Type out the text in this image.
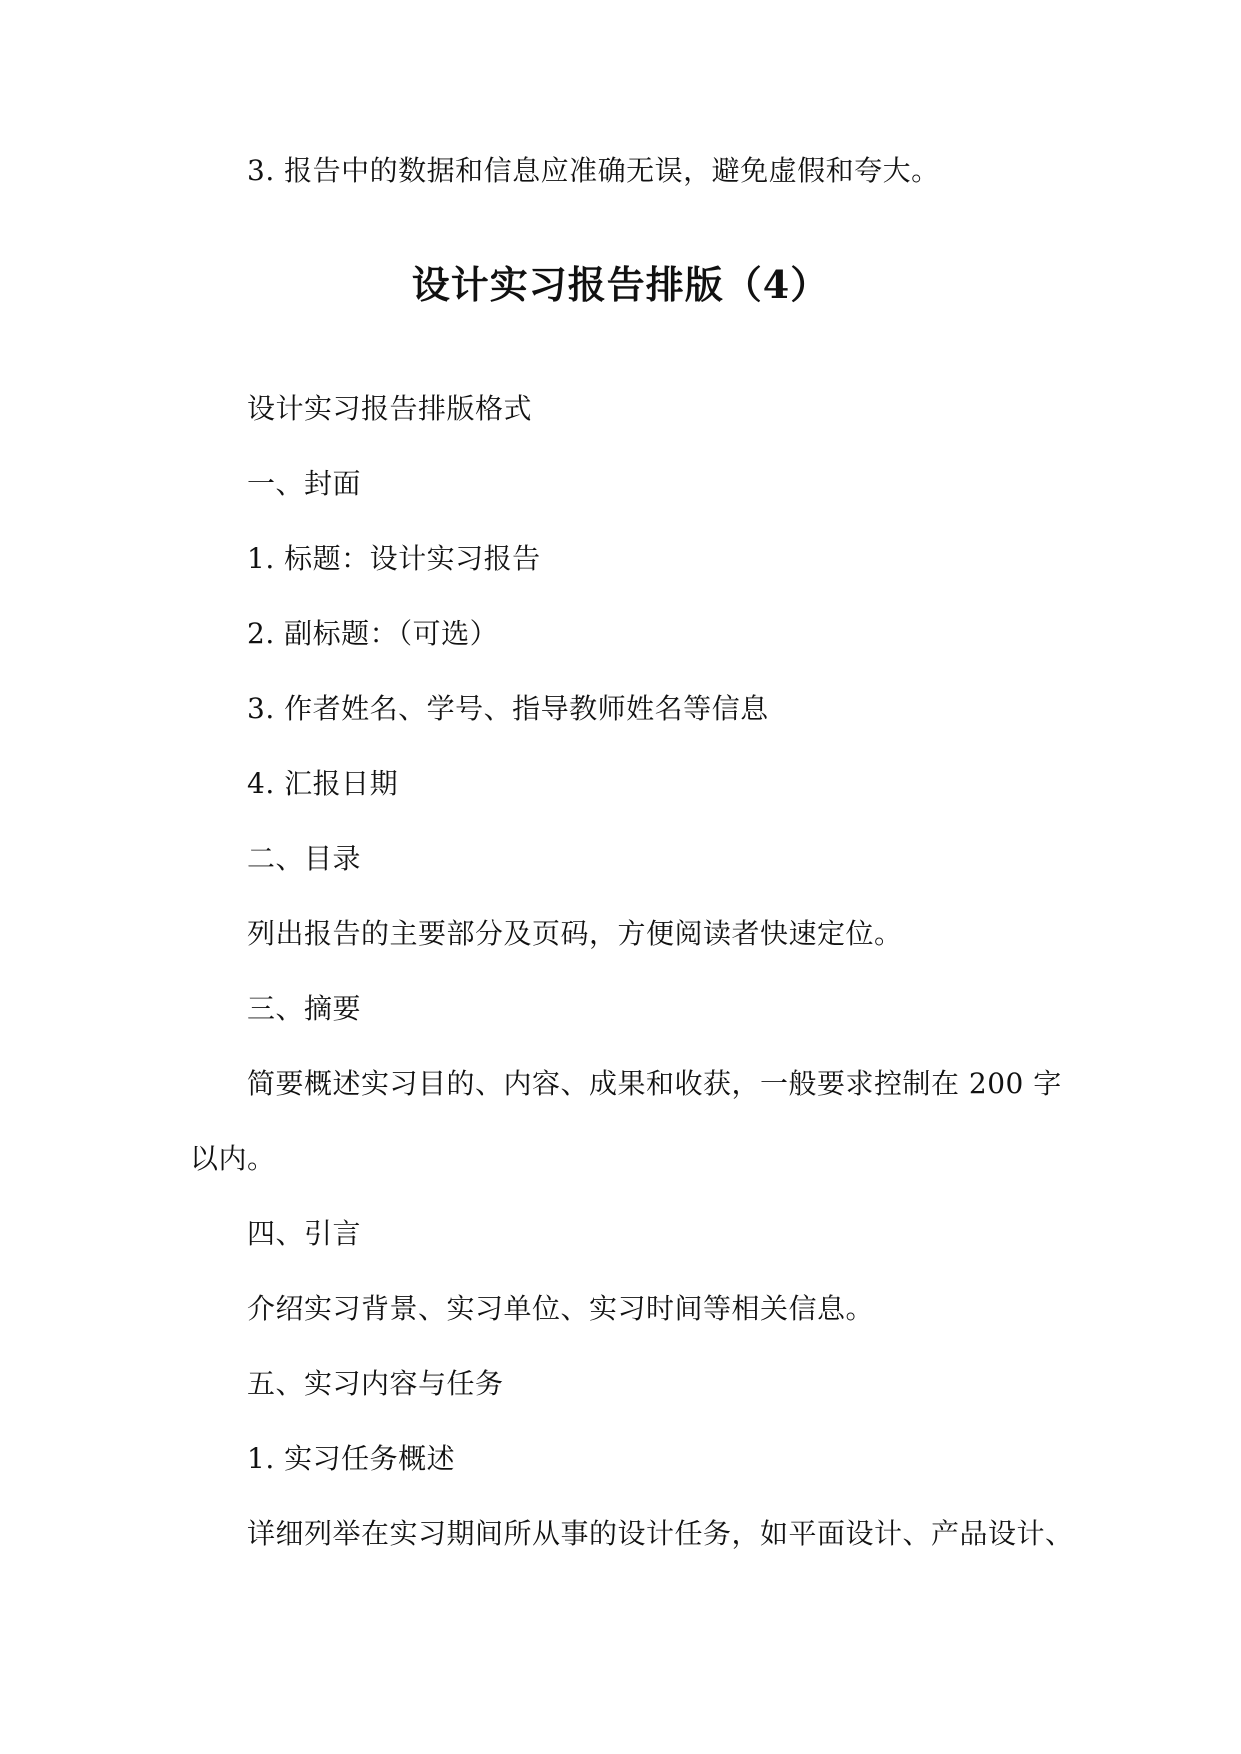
3. 报告中的数据和信息应准确无误，避免虚假和夸大。
设计实习报告排版（4）
设计实习报告排版格式
一、封面
1. 标题：设计实习报告
2. 副标题：（可选）
3. 作者姓名、学号、指导教师姓名等信息
4. 汇报日期
二、目录
列出报告的主要部分及页码，方便阅读者快速定位。
三、摘要
简要概述实习目的、内容、成果和收获，一般要求控制在 200 字
以内。
四、引言
介绍实习背景、实习单位、实习时间等相关信息。
五、实习内容与任务
1. 实习任务概述
详细列举在实习期间所从事的设计任务，如平面设计、产品设计、
